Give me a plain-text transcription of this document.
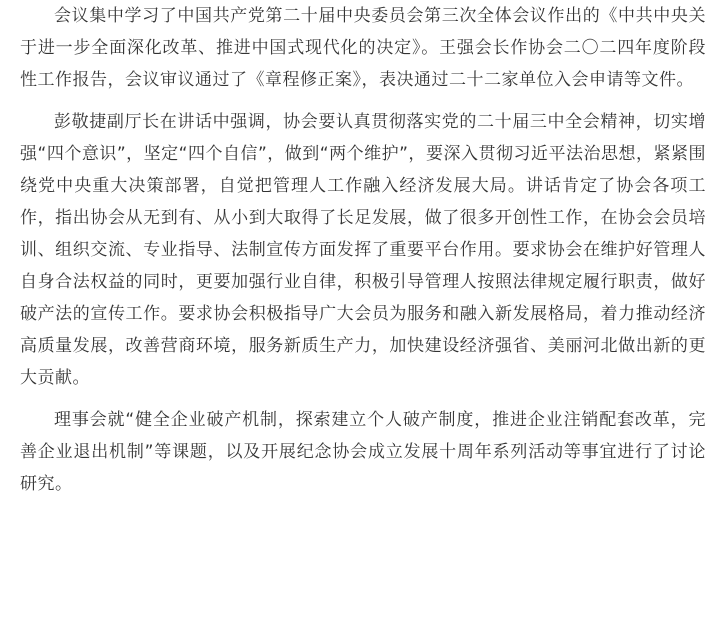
会议集中学习了中国共产党第二十届中央委员会第三次全体会议作出的《中共中央关于进一步全面深化改革、推进中国式现代化的决定》。王强会长作协会二〇二四年度阶段性工作报告，会议审议通过了《章程修正案》，表决通过二十二家单位入会申请等文件。

彭敬捷副厅长在讲话中强调，协会要认真贯彻落实党的二十届三中全会精神，切实增强“四个意识”，坚定“四个自信”，做到“两个维护”，要深入贯彻习近平法治思想，紧紧围绕党中央重大决策部署，自觉把管理人工作融入经济发展大局。讲话肯定了协会各项工作，指出协会从无到有、从小到大取得了长足发展，做了很多开创性工作，在协会会员培训、组织交流、专业指导、法制宣传方面发挥了重要平台作用。要求协会在维护好管理人自身合法权益的同时，更要加强行业自律，积极引导管理人按照法律规定履行职责，做好破产法的宣传工作。要求协会积极指导广大会员为服务和融入新发展格局，着力推动经济高质量发展，改善营商环境，服务新质生产力，加快建设经济强省、美丽河北做出新的更大贡献。

理事会就“健全企业破产机制，探索建立个人破产制度，推进企业注销配套改革，完善企业退出机制”等课题，以及开展纪念协会成立发展十周年系列活动等事宜进行了讨论研究。
